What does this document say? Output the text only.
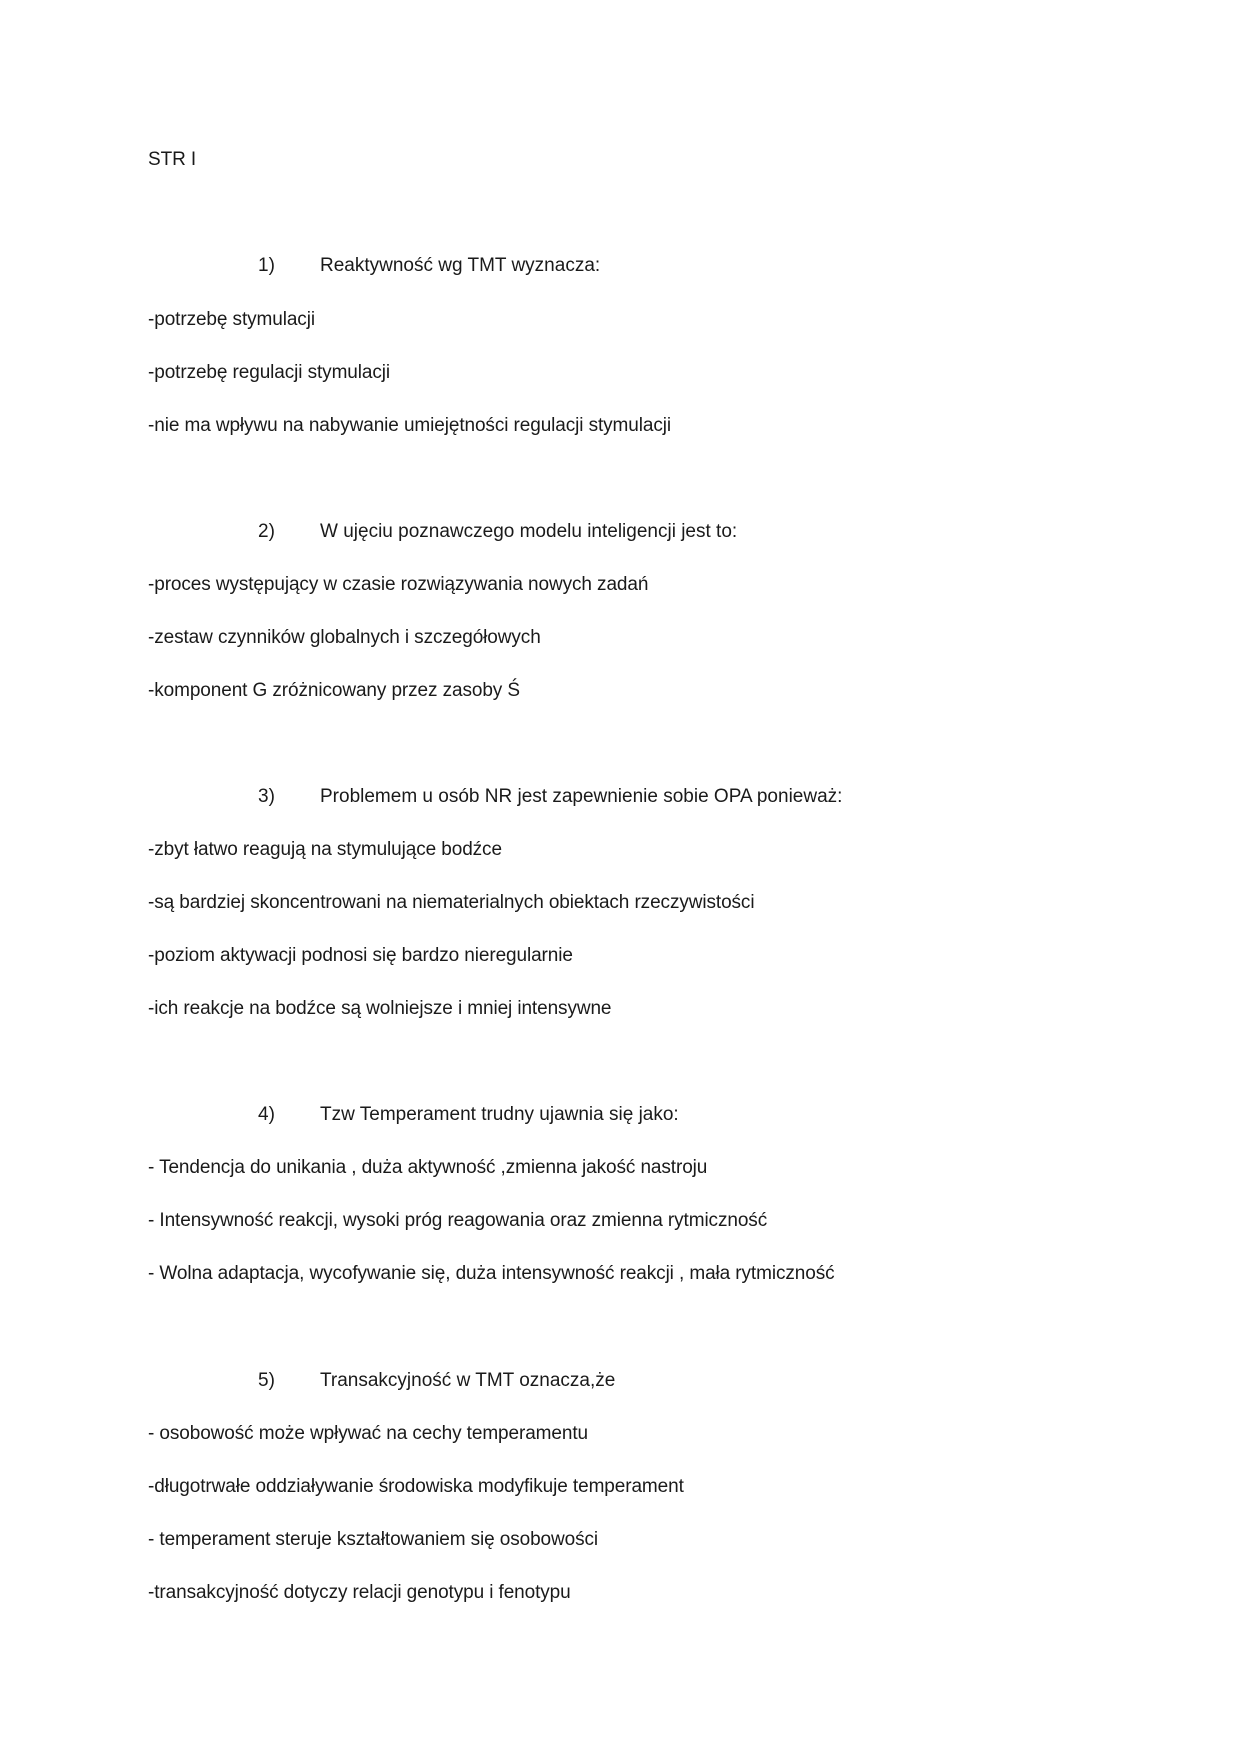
STR I
1) Reaktywność wg TMT wyznacza:
-potrzebę stymulacji
-potrzebę regulacji stymulacji
-nie ma wpływu na nabywanie umiejętności regulacji stymulacji
2) W ujęciu poznawczego modelu inteligencji jest to:
-proces występujący w czasie rozwiązywania nowych zadań
-zestaw czynników globalnych i szczegółowych
-komponent G zróżnicowany przez zasoby Ś
3) Problemem u osób NR jest zapewnienie sobie OPA ponieważ:
-zbyt łatwo reagują na stymulujące bodźce
-są bardziej skoncentrowani na niematerialnych obiektach rzeczywistości
-poziom aktywacji podnosi się bardzo nieregularnie
-ich reakcje na bodźce są wolniejsze i mniej intensywne
4) Tzw Temperament trudny ujawnia się jako:
- Tendencja do unikania , duża aktywność ,zmienna jakość nastroju
- Intensywność reakcji, wysoki próg reagowania oraz zmienna rytmiczność
- Wolna adaptacja, wycofywanie się, duża intensywność reakcji , mała rytmiczność
5) Transakcyjność w TMT oznacza,że
- osobowość może wpływać na cechy temperamentu
-długotrwałe oddziaływanie środowiska modyfikuje temperament
- temperament steruje kształtowaniem się osobowości
-transakcyjność dotyczy relacji genotypu i fenotypu
